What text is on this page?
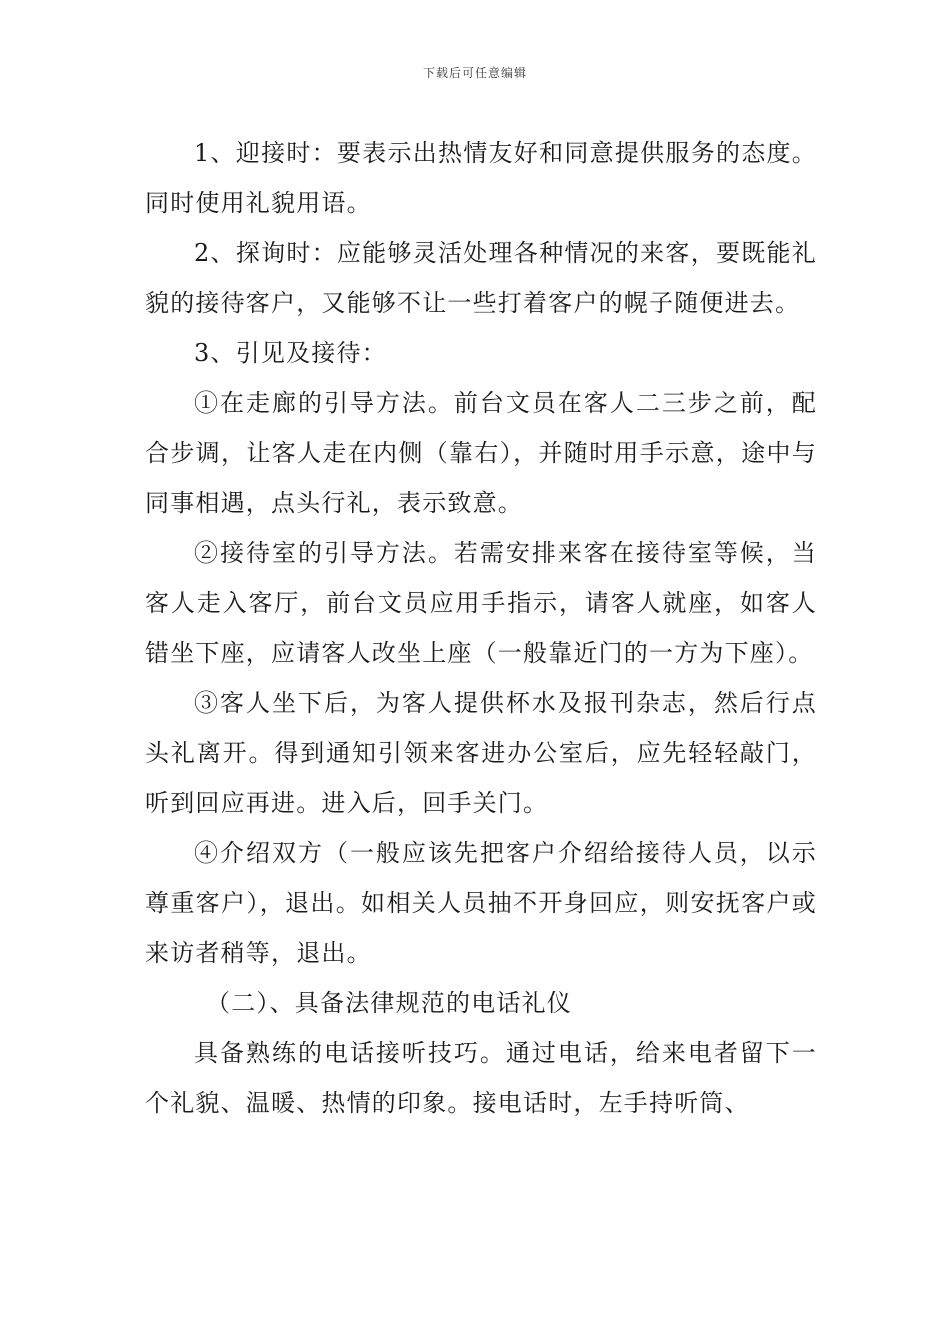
下载后可任意编辑

1、迎接时：要表示出热情友好和同意提供服务的态度。同时使用礼貌用语。

2、探询时：应能够灵活处理各种情况的来客，要既能礼貌的接待客户，又能够不让一些打着客户的幌子随便进去。

3、引见及接待：

①在走廊的引导方法。前台文员在客人二三步之前，配合步调，让客人走在内侧（靠右），并随时用手示意，途中与同事相遇，点头行礼，表示致意。

②接待室的引导方法。若需安排来客在接待室等候，当客人走入客厅，前台文员应用手指示，请客人就座，如客人错坐下座，应请客人改坐上座（一般靠近门的一方为下座）。

③客人坐下后，为客人提供杯水及报刊杂志，然后行点头礼离开。得到通知引领来客进办公室后，应先轻轻敲门，听到回应再进。进入后，回手关门。

④介绍双方（一般应该先把客户介绍给接待人员，以示尊重客户），退出。如相关人员抽不开身回应，则安抚客户或来访者稍等，退出。

（二）、具备法律规范的电话礼仪

具备熟练的电话接听技巧。通过电话，给来电者留下一个礼貌、温暖、热情的印象。接电话时，左手持听筒、
